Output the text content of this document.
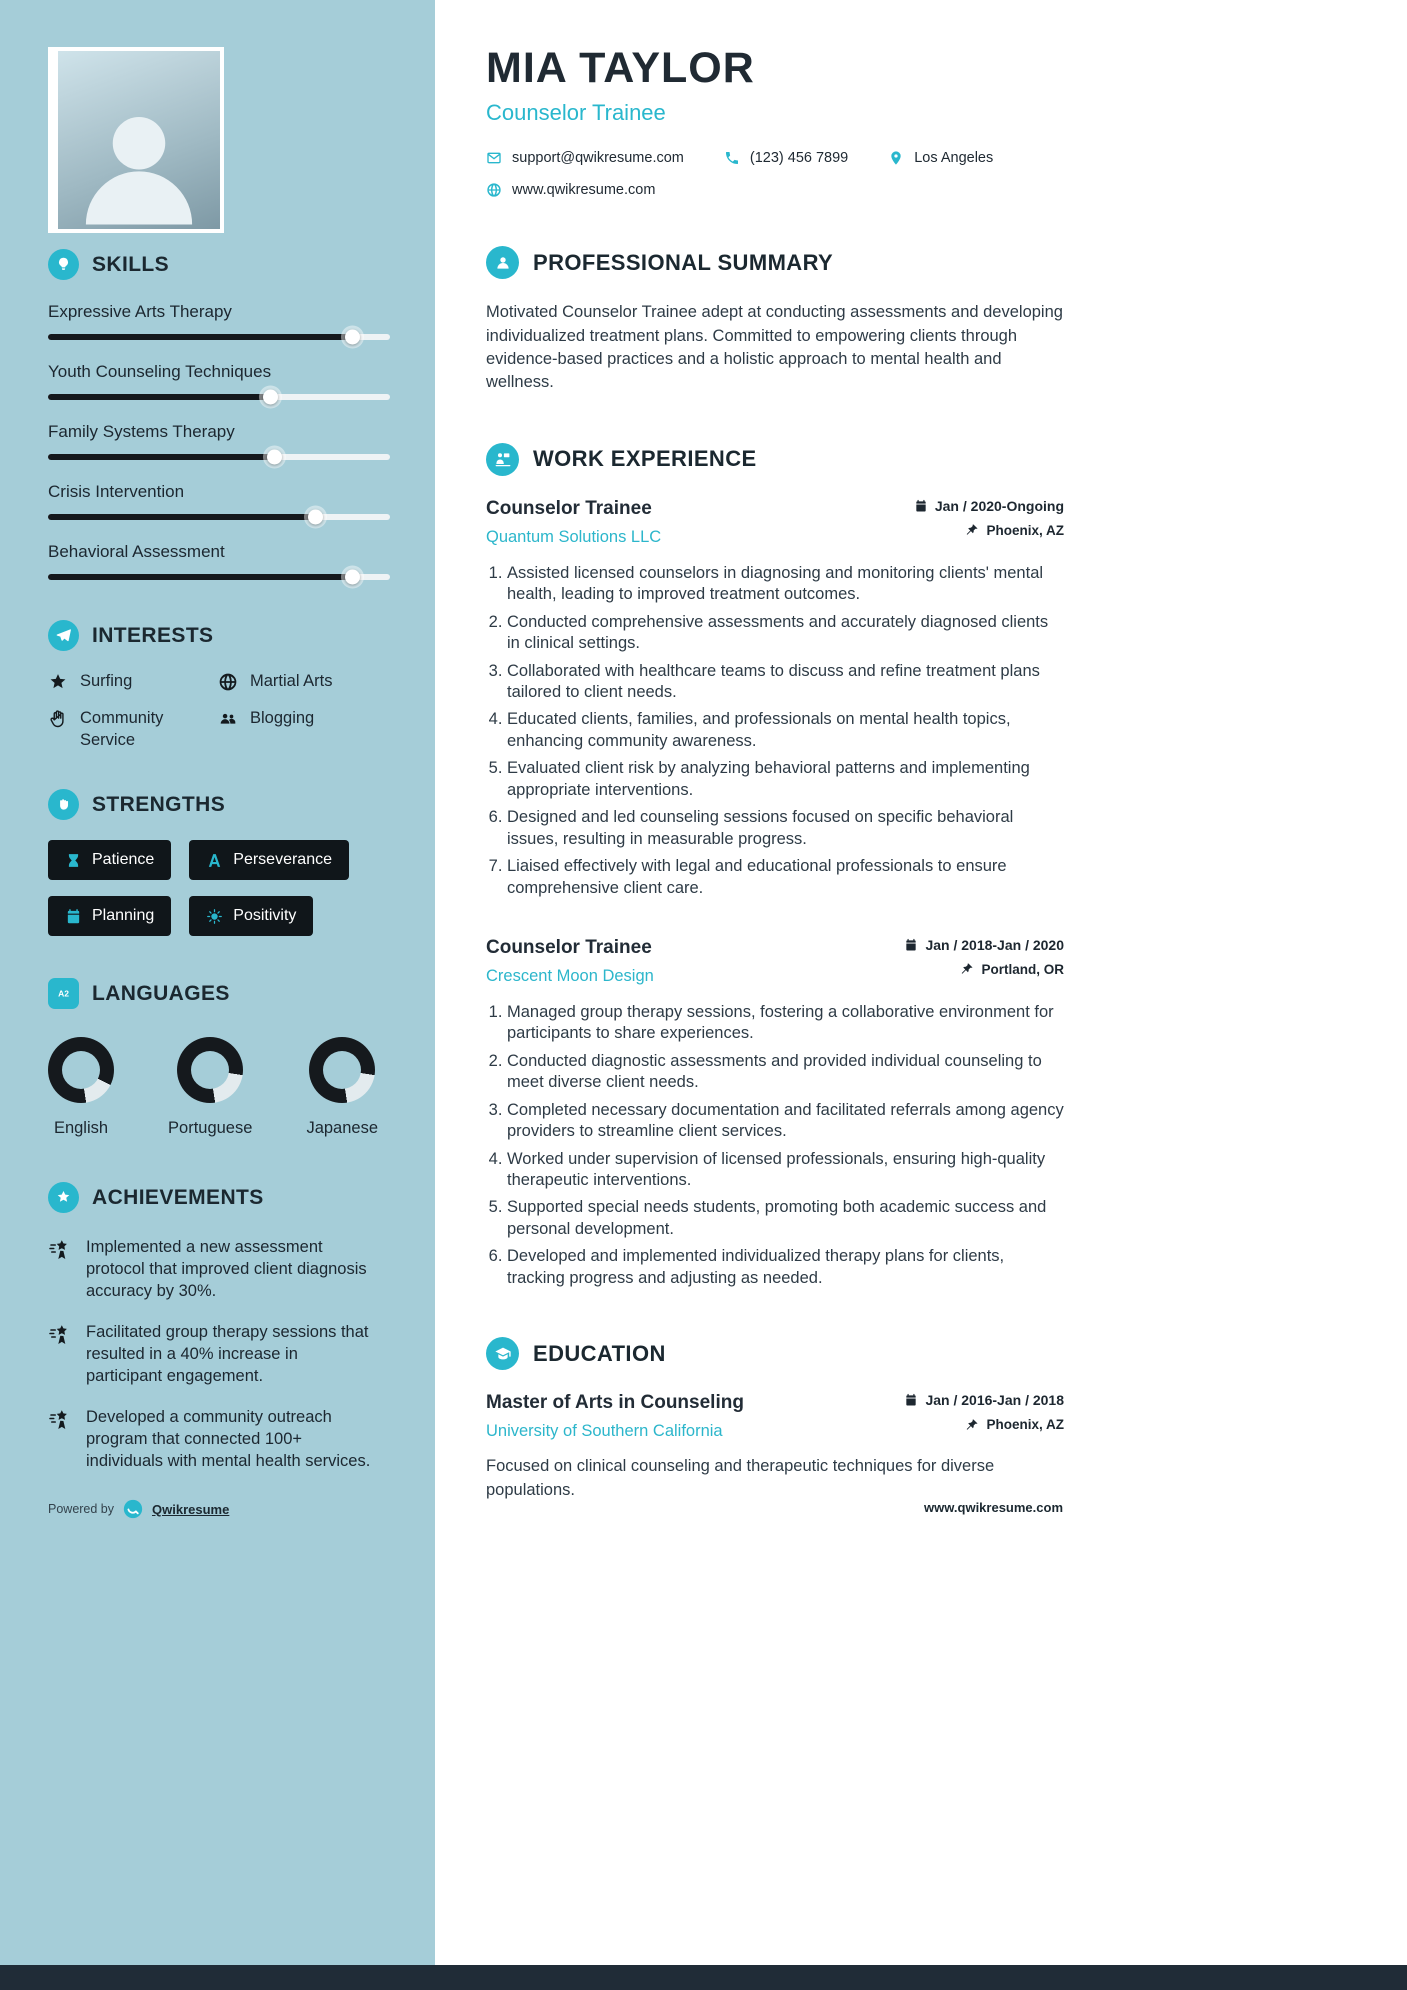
SKILLS
Expressive Arts Therapy
Youth Counseling Techniques
Family Systems Therapy
Crisis Intervention
Behavioral Assessment
INTERESTS
Surfing	Martial Arts
Community Service
Blogging
STRENGTHS
Patience	Perseverance
Planning	Positivity
A2 LANGUAGES
English	Portuguese	Japanese
ACHIEVEMENTS
Implemented a new assessment protocol that improved client diagnosis accuracy by 30%.
Facilitated group therapy sessions that resulted in a 40% increase in participant engagement.
Developed a community outreach program that connected 100+ individuals with mental health services.
MIA TAYLOR
Counselor Trainee
support@qwikresume.com	(123) 456 7899	Los Angeles
www.qwikresume.com
PROFESSIONAL SUMMARY

Motivated Counselor Trainee adept at conducting assessments and developing individualized treatment plans. Committed to empowering clients through evidence-based practices and a holistic approach to mental health and wellness.

WORK EXPERIENCE
Counselor Trainee
Quantum Solutions LLC
Jan / 2020-Ongoing
Phoenix, AZ
1. Assisted licensed counselors in diagnosing and monitoring clients' mental health, leading to improved treatment outcomes.
2. Conducted comprehensive assessments and accurately diagnosed clients in clinical settings.
3. Collaborated with healthcare teams to discuss and refine treatment plans tailored to client needs.
4. Educated clients, families, and professionals on mental health topics, enhancing community awareness.
5. Evaluated client risk by analyzing behavioral patterns and implementing appropriate interventions.
6. Designed and led counseling sessions focused on specific behavioral issues, resulting in measurable progress.
7. Liaised effectively with legal and educational professionals to ensure comprehensive client care.
Counselor Trainee
Crescent Moon Design
Jan / 2018-Jan / 2020
Portland, OR
1. Managed group therapy sessions, fostering a collaborative environment for participants to share experiences.
2. Conducted diagnostic assessments and provided individual counseling to meet diverse client needs.
3. Completed necessary documentation and facilitated referrals among agency providers to streamline client services.
4. Worked under supervision of licensed professionals, ensuring high-quality therapeutic interventions.
5. Supported special needs students, promoting both academic success and personal development.
6. Developed and implemented individualized therapy plans for clients, tracking progress and adjusting as needed.
EDUCATION
Master of Arts in Counseling
University of Southern California
Jan / 2016-Jan / 2018
Phoenix, AZ

Focused on clinical counseling and therapeutic techniques for diverse populations.

Powered by	Qwikresume	www.qwikresume.com
